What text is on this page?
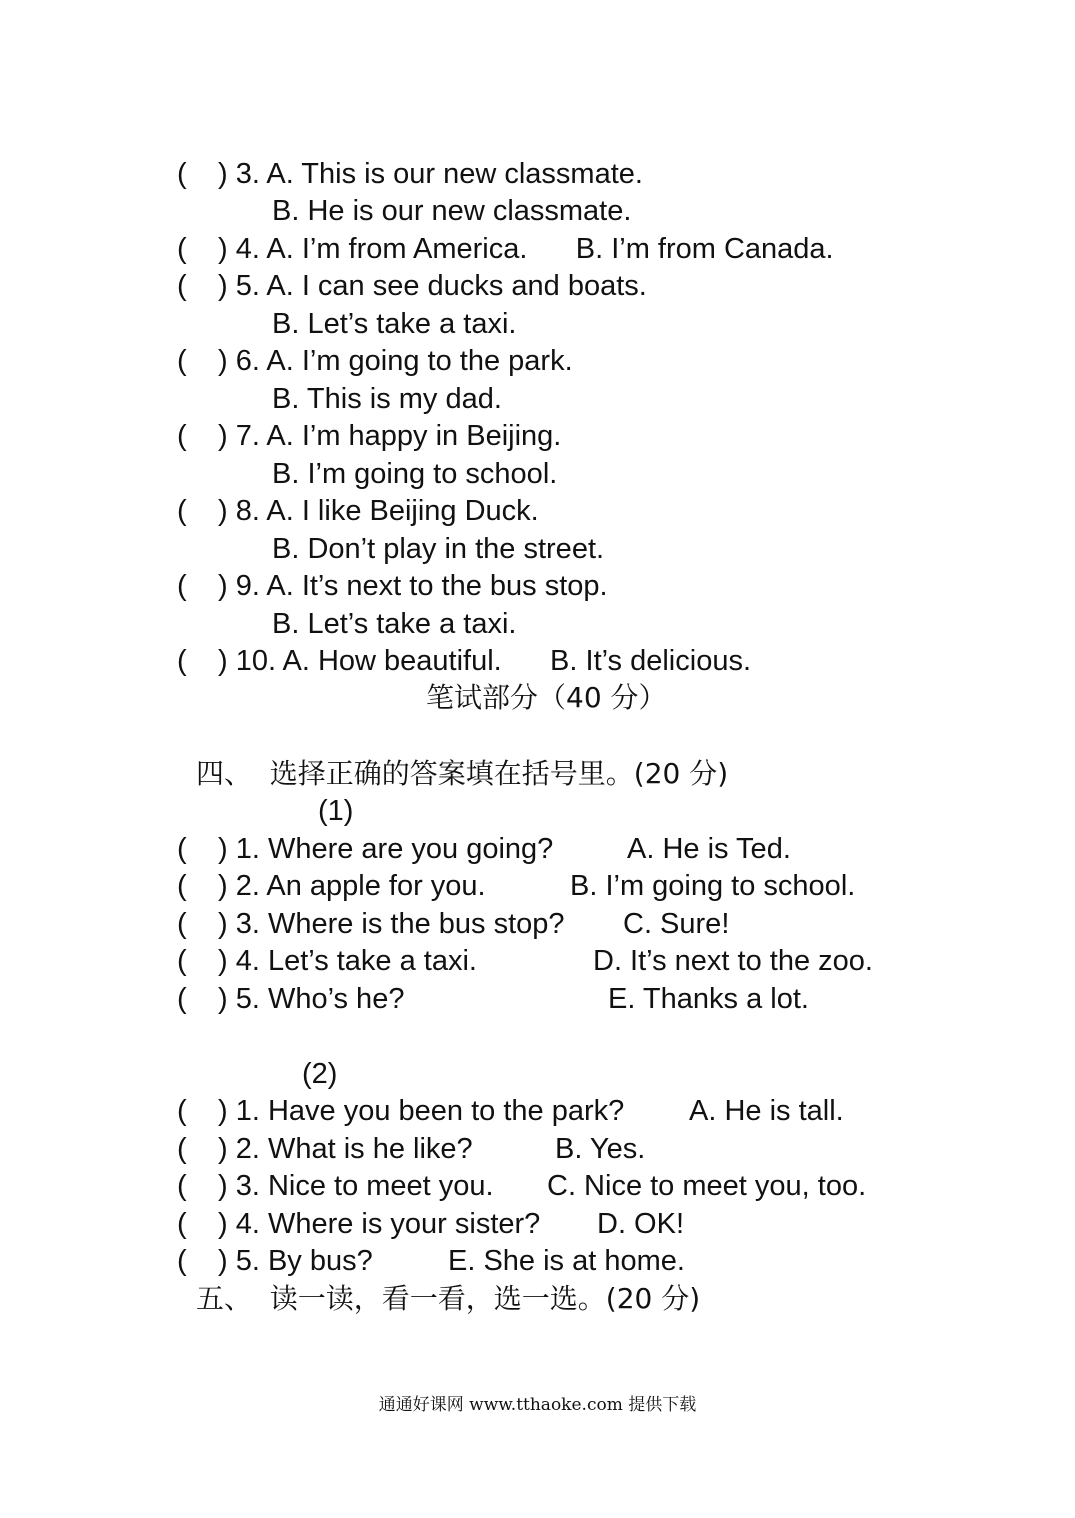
( ) 3. A. This is our new classmate.
B. He is our new classmate.
( ) 4. A. I’m from America.      B. I’m from Canada.
( ) 5. A. I can see ducks and boats.
B. Let’s take a taxi.
( ) 6. A. I’m going to the park.
B. This is my dad.
( ) 7. A. I’m happy in Beijing.
B. I’m going to school.
( ) 8. A. I like Beijing Duck.
B. Don’t play in the street.
( ) 9. A. It’s next to the bus stop.
B. Let’s take a taxi.
( ) 10. A. How beautiful.      B. It’s delicious.
笔试部分（40 分）
四、  选择正确的答案填在括号里。(20 分)
(1)
( ) 1. Where are you going?	A. He is Ted.
( ) 2. An apple for you.	B. I’m going to school.
( ) 3. Where is the bus stop? C. Sure!
( ) 4. Let’s take a taxi.	D. It’s next to the zoo.
( ) 5. Who’s he?	E. Thanks a lot.
(2)
( ) 1. Have you been to the park? A. He is tall.
( ) 2. What is he like?	B. Yes.
( ) 3. Nice to meet you. C. Nice to meet you, too.
( ) 4. Where is your sister? D. OK!
( ) 5. By bus?	E. She is at home.
五、  读一读，看一看，选一选。(20 分)
通通好课网 www.tthaoke.com 提供下载
